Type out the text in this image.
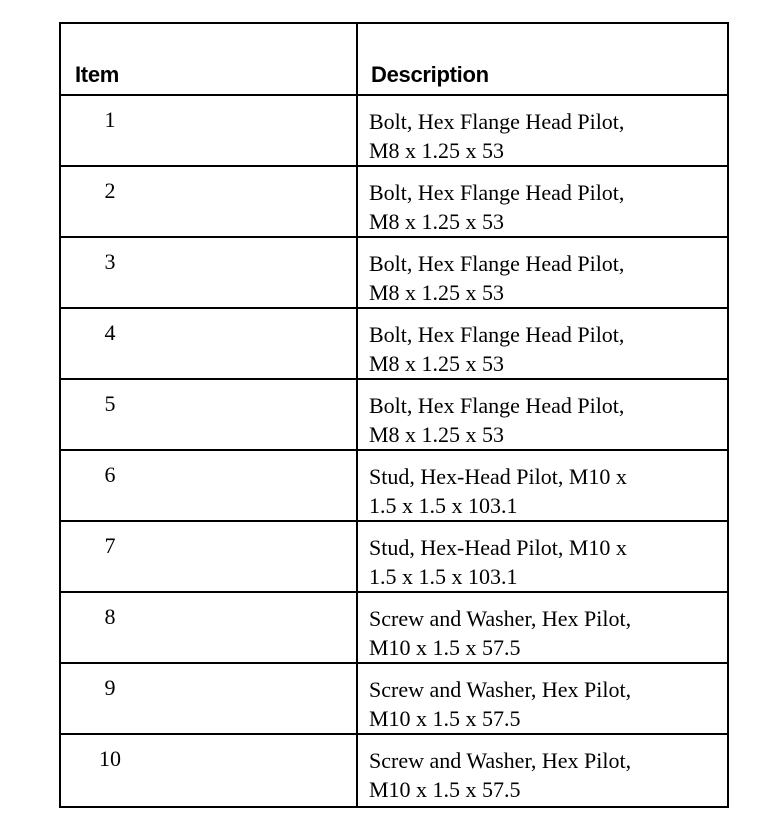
Item	Description
1	Bolt, Hex Flange Head Pilot,
M8 x 1.25 x 53
2	Bolt, Hex Flange Head Pilot,
M8 x 1.25 x 53
3	Bolt, Hex Flange Head Pilot,
M8 x 1.25 x 53
4	Bolt, Hex Flange Head Pilot,
M8 x 1.25 x 53
5	Bolt, Hex Flange Head Pilot,
M8 x 1.25 x 53
6	Stud, Hex-Head Pilot, M10 x
1.5 x 1.5 x 103.1
7	Stud, Hex-Head Pilot, M10 x
1.5 x 1.5 x 103.1
8	Screw and Washer, Hex Pilot,
M10 x 1.5 x 57.5
9	Screw and Washer, Hex Pilot,
M10 x 1.5 x 57.5
10	Screw and Washer, Hex Pilot,
M10 x 1.5 x 57.5
